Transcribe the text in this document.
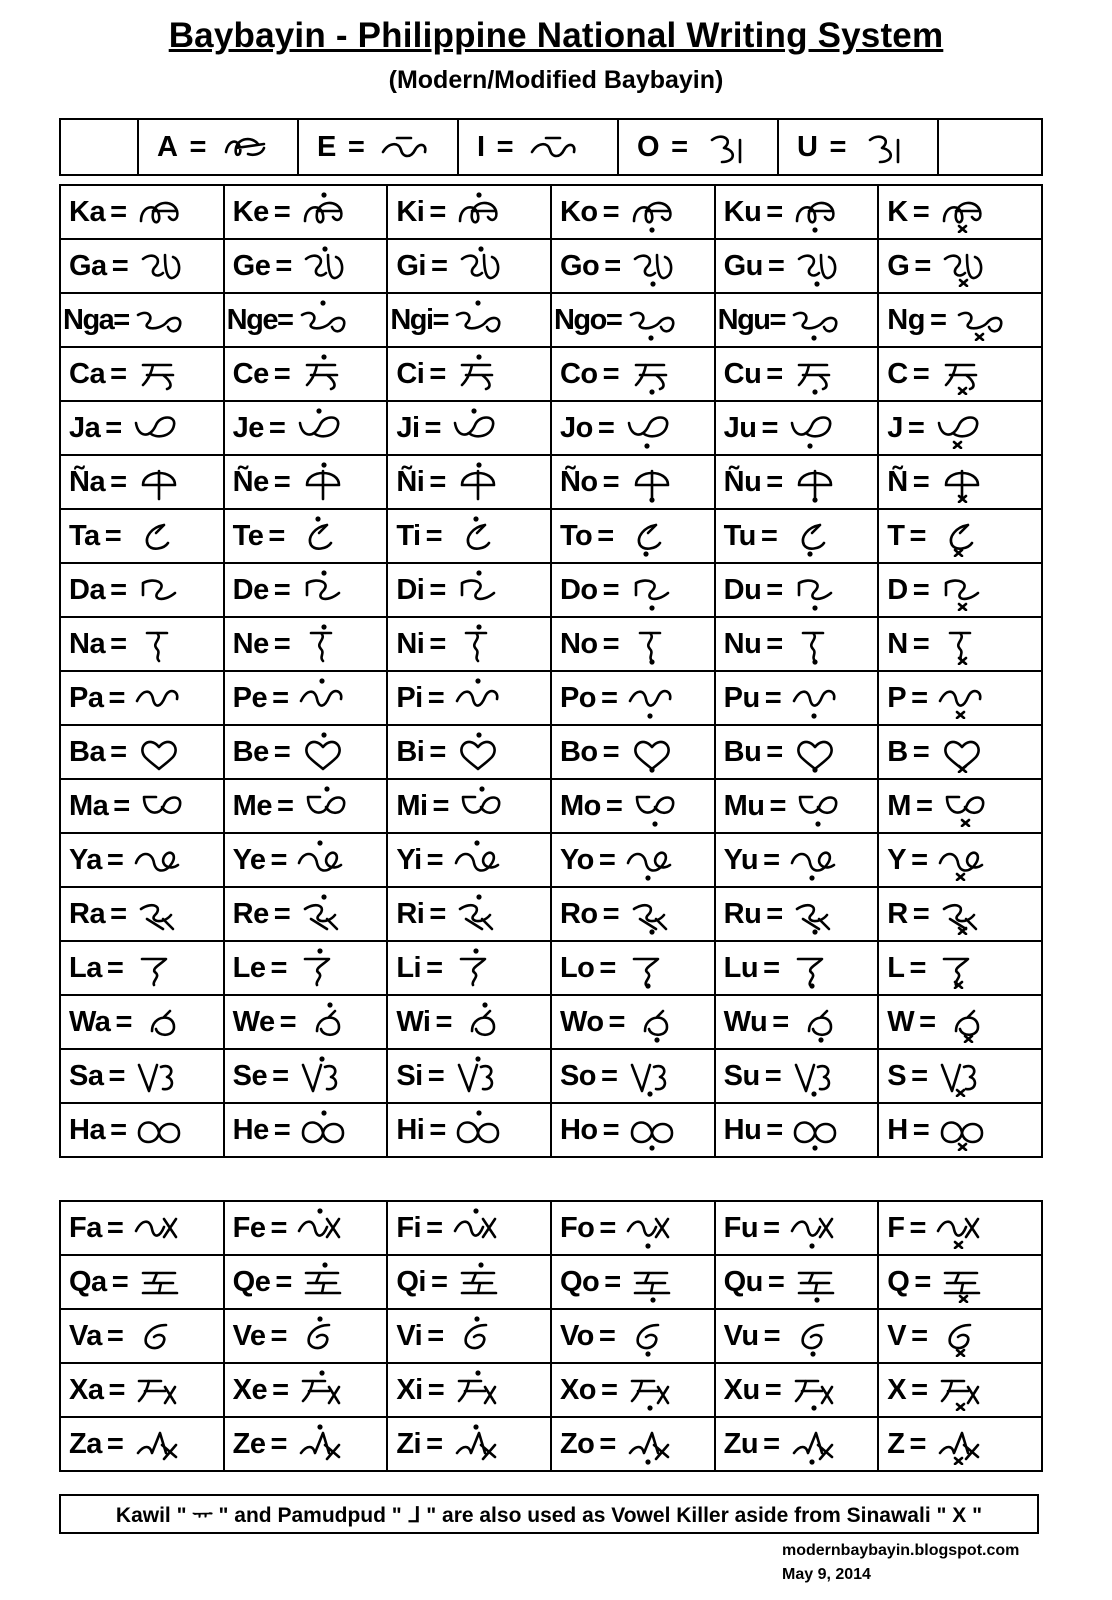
Baybayin - Philippine National Writing System
(Modern/Modified Baybayin)

A =	E =	I =	O =	U =

Ka =	Ke =	Ki =	Ko =	Ku =	K =

Ga =	Ge =	Gi =	Go =	Gu =	G =

Nga =	Nge =	Ngi =	Ngo =	Ngu =	Ng =

Ca =	Ce =	Ci =	Co =	Cu =	C =

Ja =	Je =	Ji =	Jo =	Ju =	J =

Ña =	Ñe =	Ñi =	Ño =	Ñu =	Ñ =

Ta =	Te =	Ti =	To =	Tu =	T =

Da =	De =	Di =	Do =	Du =	D =

Na =	Ne =	Ni =	No =	Nu =	N =

Pa =	Pe =	Pi =	Po =	Pu =	P =

Ba =	Be =	Bi =	Bo =	Bu =	B =

Ma =	Me =	Mi =	Mo =	Mu =	M =

Ya =	Ye =	Yi =	Yo =	Yu =	Y =

Ra =	Re =	Ri =	Ro =	Ru =	R =

La =	Le =	Li =	Lo =	Lu =	L =

Wa =	We =	Wi =	Wo =	Wu =	W =

Sa =	Se =	Si =	So =	Su =	S =

Ha =	He =	Hi =	Ho =	Hu =	H =
Fa =	Fe =	Fi =	Fo =	Fu =	F =

Qa =	Qe =	Qi =	Qo =	Qu =	Q =

Va =	Ve =	Vi =	Vo =	Vu =	V =

Xa =	Xe =	Xi =	Xo =	Xu =	X =

Za =	Ze =	Zi =	Zo =	Zu =	Z =
Kawil " ᅲ " and Pamudpud " ᒧ " are also used as Vowel Killer aside from Sinawali " X "
modernbaybayin.blogspot.com
May 9, 2014
